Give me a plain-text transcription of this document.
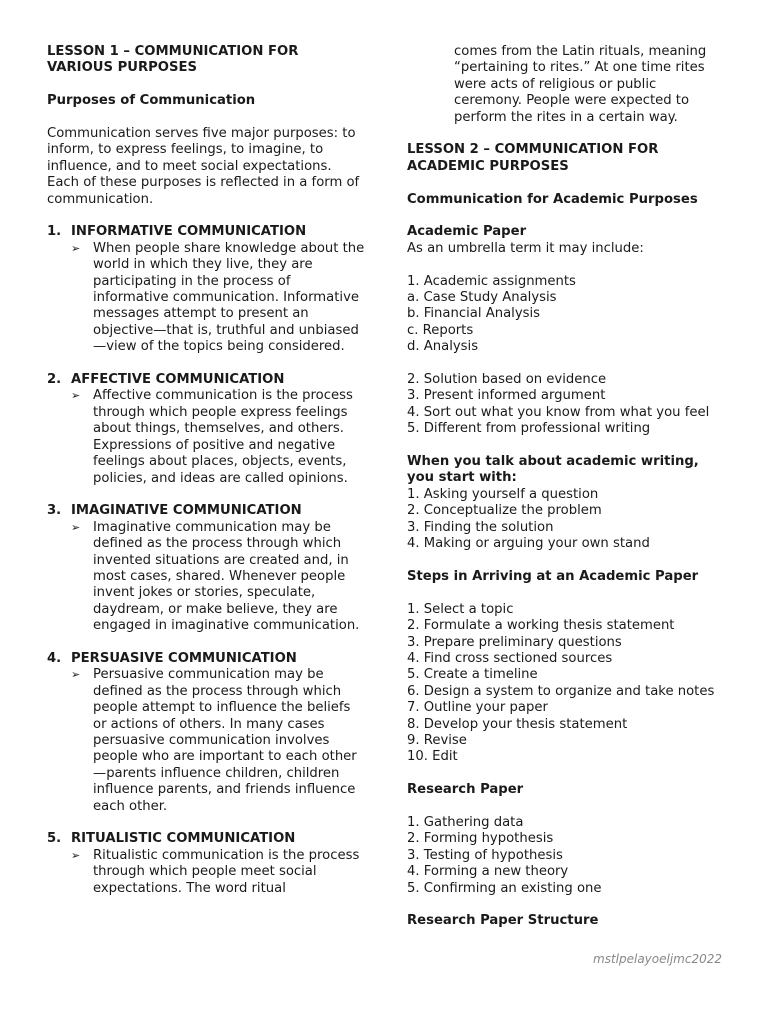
LESSON 1 – COMMUNICATION FOR VARIOUS PURPOSES
Purposes of Communication
Communication serves five major purposes: to inform, to express feelings, to imagine, to influence, and to meet social expectations. Each of these purposes is reflected in a form of communication.
1. INFORMATIVE COMMUNICATION
➢ When people share knowledge about the world in which they live, they are participating in the process of informative communication. Informative messages attempt to present an objective—that is, truthful and unbiased—view of the topics being considered.
2. AFFECTIVE COMMUNICATION
➢ Affective communication is the process through which people express feelings about things, themselves, and others. Expressions of positive and negative feelings about places, objects, events, policies, and ideas are called opinions.
3. IMAGINATIVE COMMUNICATION
➢ Imaginative communication may be defined as the process through which invented situations are created and, in most cases, shared. Whenever people invent jokes or stories, speculate, daydream, or make believe, they are engaged in imaginative communication.
4. PERSUASIVE COMMUNICATION
➢ Persuasive communication may be defined as the process through which people attempt to influence the beliefs or actions of others. In many cases persuasive communication involves people who are important to each other—parents influence children, children influence parents, and friends influence each other.
5. RITUALISTIC COMMUNICATION
➢ Ritualistic communication is the process through which people meet social expectations. The word ritual
comes from the Latin rituals, meaning “pertaining to rites.” At one time rites were acts of religious or public ceremony. People were expected to perform the rites in a certain way.
LESSON 2 – COMMUNICATION FOR ACADEMIC PURPOSES
Communication for Academic Purposes
Academic Paper
As an umbrella term it may include:
1. Academic assignments
a. Case Study Analysis
b. Financial Analysis
c. Reports
d. Analysis
2. Solution based on evidence
3. Present informed argument
4. Sort out what you know from what you feel
5. Different from professional writing
When you talk about academic writing, you start with:
1. Asking yourself a question
2. Conceptualize the problem
3. Finding the solution
4. Making or arguing your own stand
Steps in Arriving at an Academic Paper
1. Select a topic
2. Formulate a working thesis statement
3. Prepare preliminary questions
4. Find cross sectioned sources
5. Create a timeline
6. Design a system to organize and take notes
7. Outline your paper
8. Develop your thesis statement
9. Revise
10. Edit
Research Paper
1. Gathering data
2. Forming hypothesis
3. Testing of hypothesis
4. Forming a new theory
5. Confirming an existing one
Research Paper Structure
mstlpelayoeljmc2022
